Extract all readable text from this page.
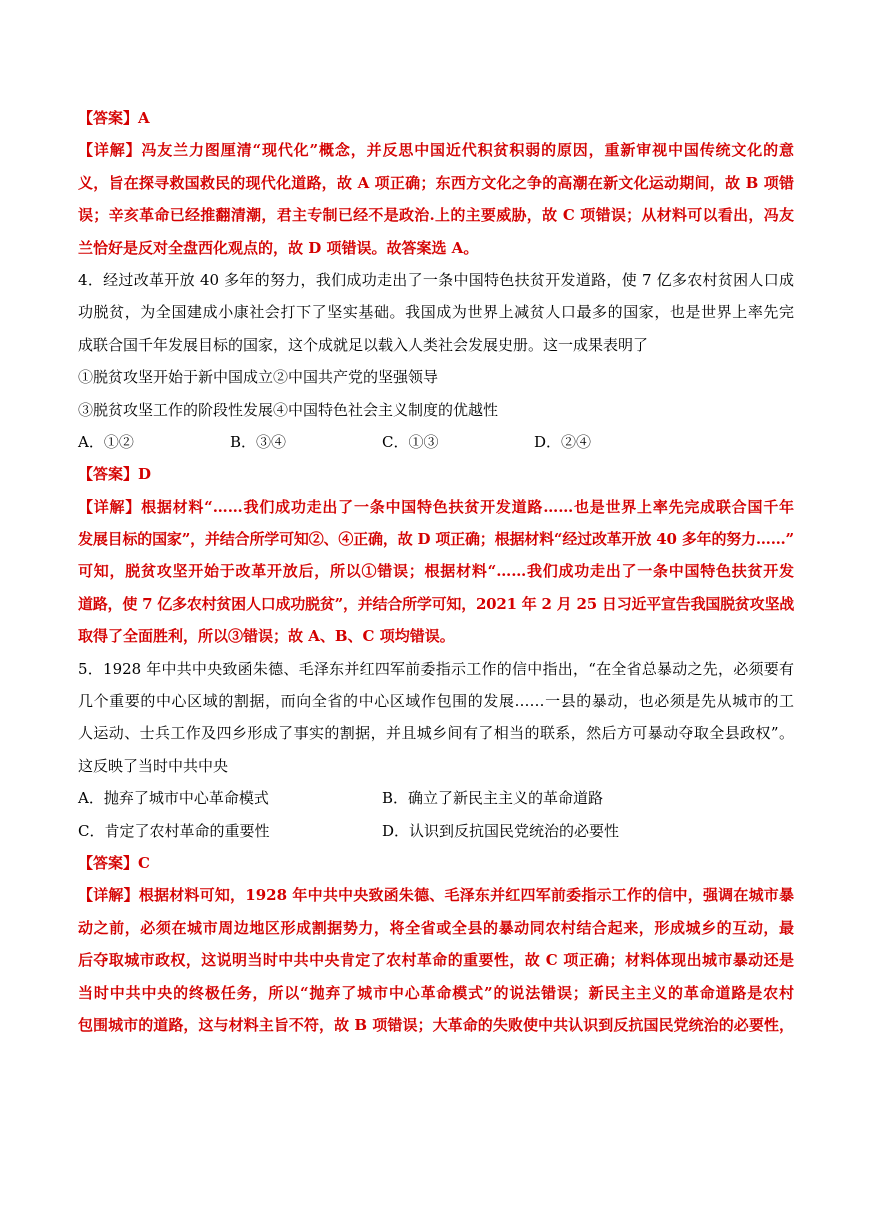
【答案】A
【详解】冯友兰力图厘清“现代化”概念，并反思中国近代积贫积弱的原因，重新审视中国传统文化的意
义，旨在探寻救国救民的现代化道路，故 A 项正确；东西方文化之争的高潮在新文化运动期间，故 B 项错
误；辛亥革命已经推翻清潮，君主专制已经不是政治.上的主要威胁，故 C 项错误；从材料可以看出，冯友
兰恰好是反对全盘西化观点的，故 D 项错误。故答案选 A。
4．经过改革开放 40 多年的努力，我们成功走出了一条中国特色扶贫开发道路，使 7 亿多农村贫困人口成
功脱贫，为全国建成小康社会打下了坚实基础。我国成为世界上减贫人口最多的国家，也是世界上率先完
成联合国千年发展目标的国家，这个成就足以载入人类社会发展史册。这一成果表明了
①脱贫攻坚开始于新中国成立②中国共产党的坚强领导
③脱贫攻坚工作的阶段性发展④中国特色社会主义制度的优越性
A．①②	B．③④	C．①③	D．②④
【答案】D
【详解】根据材料“……我们成功走出了一条中国特色扶贫开发道路……也是世界上率先完成联合国千年
发展目标的国家”，并结合所学可知②、④正确，故 D 项正确；根据材料“经过改革开放 40 多年的努力……”
可知，脱贫攻坚开始于改革开放后，所以①错误；根据材料“……我们成功走出了一条中国特色扶贫开发
道路，使 7 亿多农村贫困人口成功脱贫”，并结合所学可知，2021 年 2 月 25 日习近平宣告我国脱贫攻坚战
取得了全面胜利，所以③错误；故 A、B、C 项均错误。
5．1928 年中共中央致函朱德、毛泽东并红四军前委指示工作的信中指出，“在全省总暴动之先，必须要有
几个重要的中心区域的割据，而向全省的中心区域作包围的发展……一县的暴动，也必须是先从城市的工
人运动、士兵工作及四乡形成了事实的割据，并且城乡间有了相当的联系，然后方可暴动夺取全县政权”。
这反映了当时中共中央
A．抛弃了城市中心革命模式	B．确立了新民主主义的革命道路
C．肯定了农村革命的重要性	D．认识到反抗国民党统治的必要性
【答案】C
【详解】根据材料可知，1928 年中共中央致函朱德、毛泽东并红四军前委指示工作的信中，强调在城市暴
动之前，必须在城市周边地区形成割据势力，将全省或全县的暴动同农村结合起来，形成城乡的互动，最
后夺取城市政权，这说明当时中共中央肯定了农村革命的重要性，故 C 项正确；材料体现出城市暴动还是
当时中共中央的终极任务，所以“抛弃了城市中心革命模式”的说法错误；新民主主义的革命道路是农村
包围城市的道路，这与材料主旨不符，故 B 项错误；大革命的失败使中共认识到反抗国民党统治的必要性，
